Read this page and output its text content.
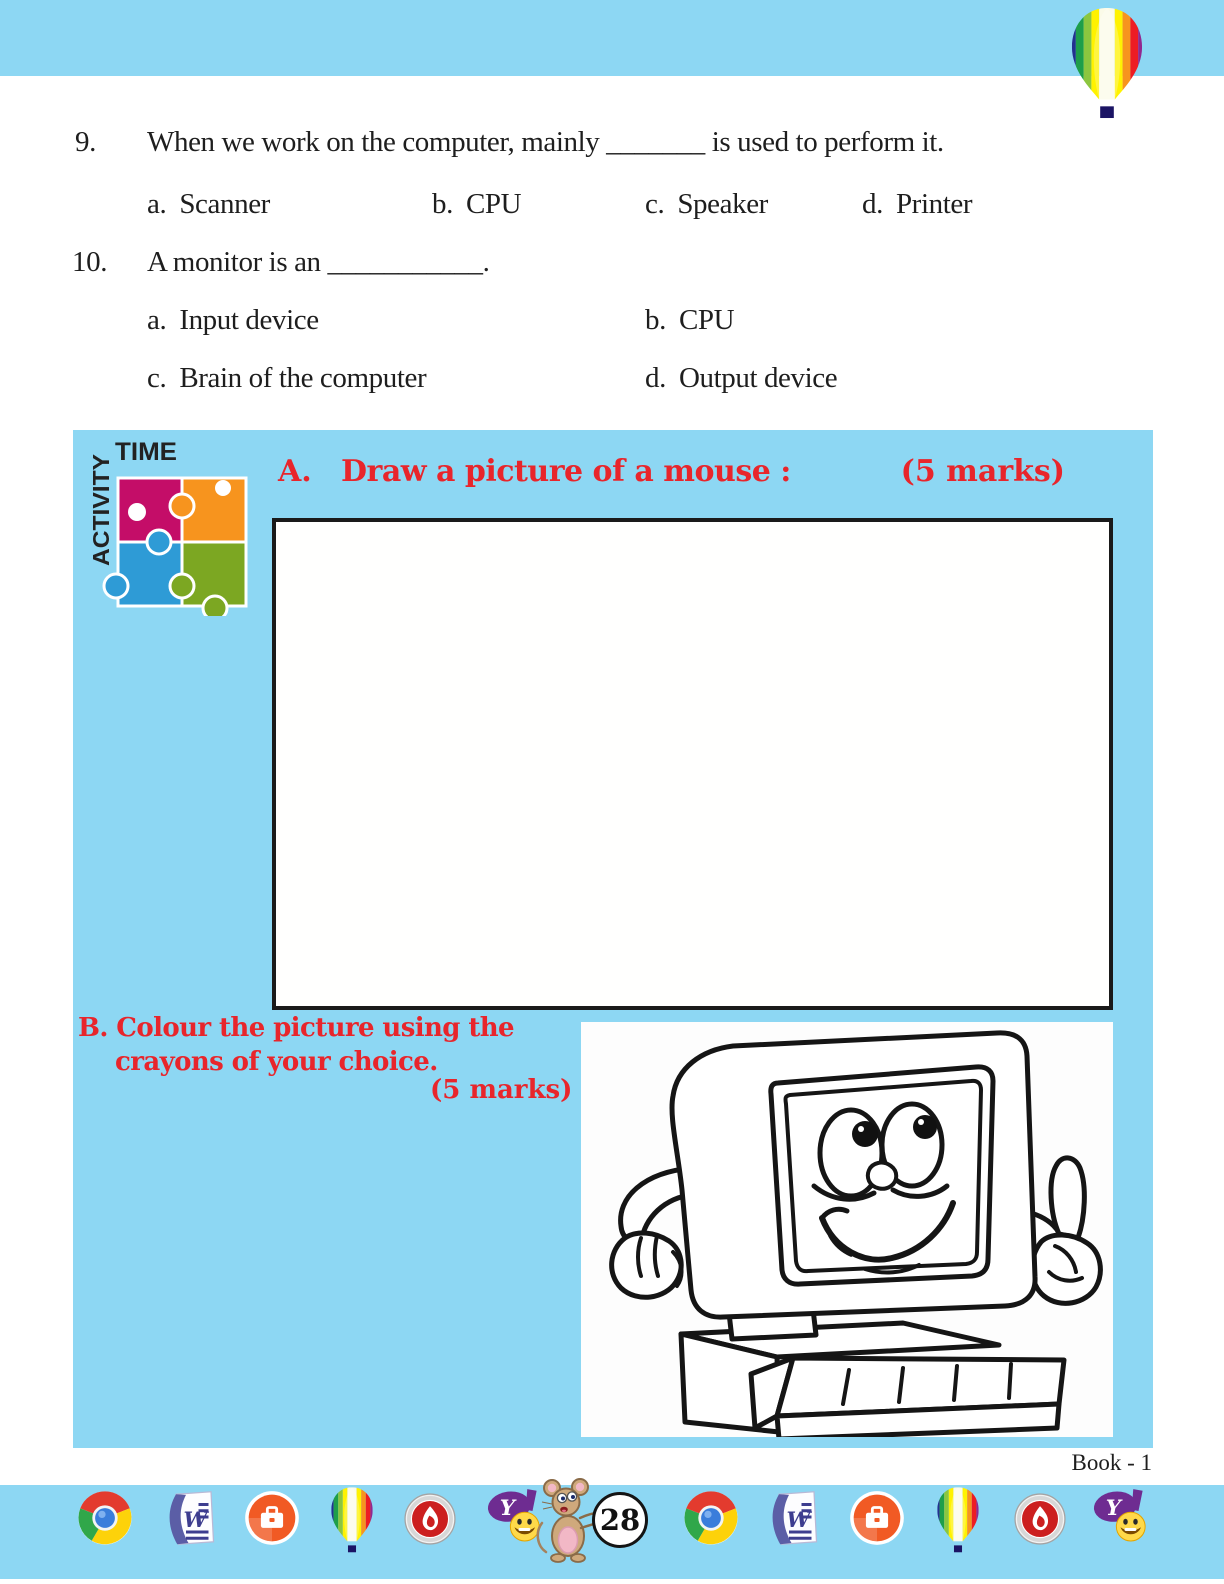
9. When we work on the computer, mainly _______ is used to perform it.
a. Scanner	b. CPU	c. Speaker	d. Printer
10. A monitor is an ___________.
a. Input device	b. CPU
c. Brain of the computer	d. Output device
TIME
ACTIVITY	A. Draw a picture of a mouse :	(5 marks)
B. Colour the picture using the
crayons of your choice.
(5 marks)
Book - 1
28
